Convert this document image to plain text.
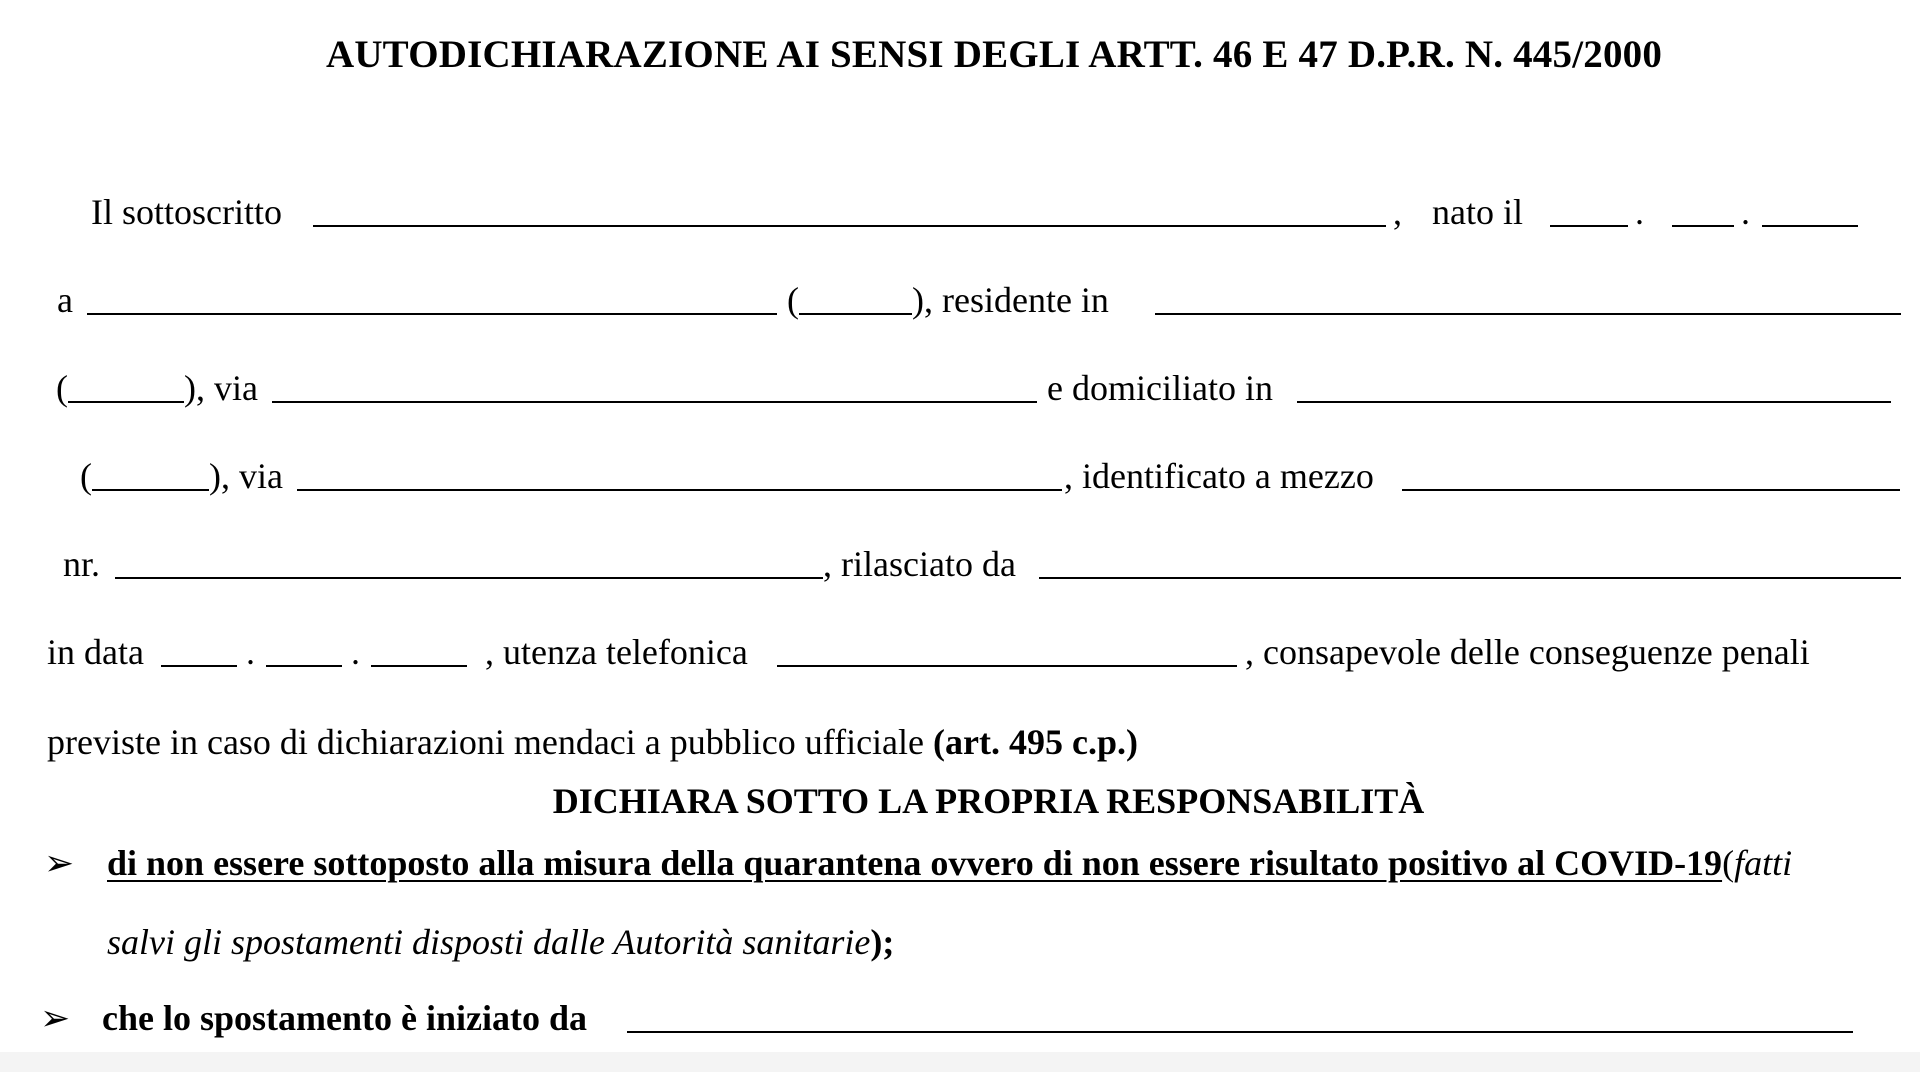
AUTODICHIARAZIONE AI SENSI DEGLI ARTT. 46 E 47 D.P.R. N. 445/2000
Il sottoscritto	, nato il	.	.
a	(	), residente in
(	), via	e domiciliato in
(	), via	, identificato a mezzo
nr.	, rilasciato da
in data	.	.	, utenza telefonica	, consapevole delle conseguenze penali
previste in caso di dichiarazioni mendaci a pubblico ufficiale (art. 495 c.p.)
DICHIARA SOTTO LA PROPRIA RESPONSABILITÀ
➢ di non essere sottoposto alla misura della quarantena ovvero di non essere risultato positivo al COVID-19(fatti
salvi gli spostamenti disposti dalle Autorità sanitarie);
➢ che lo spostamento è iniziato da
